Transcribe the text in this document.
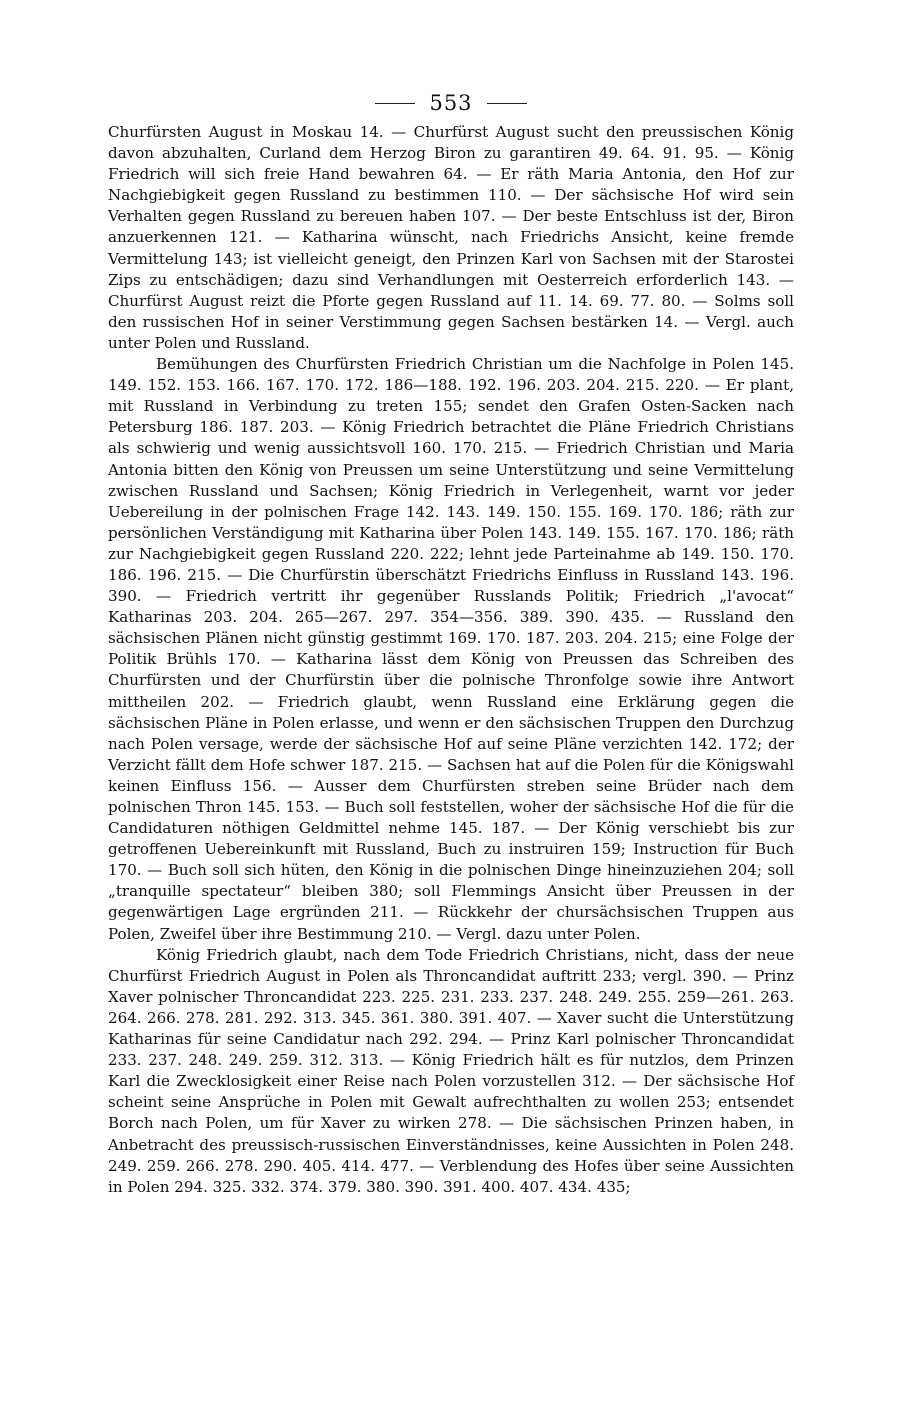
553

Churfürsten August in Moskau 14. — Churfürst August sucht den preussischen König davon abzuhalten, Curland dem Herzog Biron zu garantiren 49. 64. 91. 95. — König Friedrich will sich freie Hand bewahren 64. — Er räth Maria Antonia, den Hof zur Nachgiebigkeit gegen Russland zu bestimmen 110. — Der sächsische Hof wird sein Verhalten gegen Russland zu bereuen haben 107. — Der beste Entschluss ist der, Biron anzuerkennen 121. — Katharina wünscht, nach Friedrichs Ansicht, keine fremde Vermittelung 143; ist vielleicht geneigt, den Prinzen Karl von Sachsen mit der Starostei Zips zu entschädigen; dazu sind Verhandlungen mit Oesterreich erforderlich 143. — Churfürst August reizt die Pforte gegen Russland auf 11. 14. 69. 77. 80. — Solms soll den russischen Hof in seiner Verstimmung gegen Sachsen bestärken 14. — Vergl. auch unter Polen und Russland.

Bemühungen des Churfürsten Friedrich Christian um die Nachfolge in Polen 145. 149. 152. 153. 166. 167. 170. 172. 186—188. 192. 196. 203. 204. 215. 220. — Er plant, mit Russland in Verbindung zu treten 155; sendet den Grafen Osten-Sacken nach Petersburg 186. 187. 203. — König Friedrich betrachtet die Pläne Friedrich Christians als schwierig und wenig aussichtsvoll 160. 170. 215. — Friedrich Christian und Maria Antonia bitten den König von Preussen um seine Unterstützung und seine Vermittelung zwischen Russland und Sachsen; König Friedrich in Verlegenheit, warnt vor jeder Uebereilung in der polnischen Frage 142. 143. 149. 150. 155. 169. 170. 186; räth zur persönlichen Verständigung mit Katharina über Polen 143. 149. 155. 167. 170. 186; räth zur Nachgiebigkeit gegen Russland 220. 222; lehnt jede Parteinahme ab 149. 150. 170. 186. 196. 215. — Die Churfürstin überschätzt Friedrichs Einfluss in Russland 143. 196. 390. — Friedrich vertritt ihr gegenüber Russlands Politik; Friedrich „l'avocat“ Katharinas 203. 204. 265—267. 297. 354—356. 389. 390. 435. — Russland den sächsischen Plänen nicht günstig gestimmt 169. 170. 187. 203. 204. 215; eine Folge der Politik Brühls 170. — Katharina lässt dem König von Preussen das Schreiben des Churfürsten und der Churfürstin über die polnische Thronfolge sowie ihre Antwort mittheilen 202. — Friedrich glaubt, wenn Russland eine Erklärung gegen die sächsischen Pläne in Polen erlasse, und wenn er den sächsischen Truppen den Durchzug nach Polen versage, werde der sächsische Hof auf seine Pläne verzichten 142. 172; der Verzicht fällt dem Hofe schwer 187. 215. — Sachsen hat auf die Polen für die Königswahl keinen Einfluss 156. — Ausser dem Churfürsten streben seine Brüder nach dem polnischen Thron 145. 153. — Buch soll feststellen, woher der sächsische Hof die für die Candidaturen nöthigen Geldmittel nehme 145. 187. — Der König verschiebt bis zur getroffenen Uebereinkunft mit Russland, Buch zu instruiren 159; Instruction für Buch 170. — Buch soll sich hüten, den König in die polnischen Dinge hineinzuziehen 204; soll „tranquille spectateur“ bleiben 380; soll Flemmings Ansicht über Preussen in der gegenwärtigen Lage ergründen 211. — Rückkehr der chursächsischen Truppen aus Polen, Zweifel über ihre Bestimmung 210. — Vergl. dazu unter Polen.

König Friedrich glaubt, nach dem Tode Friedrich Christians, nicht, dass der neue Churfürst Friedrich August in Polen als Throncandidat auftritt 233; vergl. 390. — Prinz Xaver polnischer Throncandidat 223. 225. 231. 233. 237. 248. 249. 255. 259—261. 263. 264. 266. 278. 281. 292. 313. 345. 361. 380. 391. 407. — Xaver sucht die Unterstützung Katharinas für seine Candidatur nach 292. 294. — Prinz Karl polnischer Throncandidat 233. 237. 248. 249. 259. 312. 313. — König Friedrich hält es für nutzlos, dem Prinzen Karl die Zwecklosigkeit einer Reise nach Polen vorzustellen 312. — Der sächsische Hof scheint seine Ansprüche in Polen mit Gewalt aufrechthalten zu wollen 253; entsendet Borch nach Polen, um für Xaver zu wirken 278. — Die sächsischen Prinzen haben, in Anbetracht des preussisch-russischen Einverständnisses, keine Aussichten in Polen 248. 249. 259. 266. 278. 290. 405. 414. 477. — Verblendung des Hofes über seine Aussichten in Polen 294. 325. 332. 374. 379. 380. 390. 391. 400. 407. 434. 435;
